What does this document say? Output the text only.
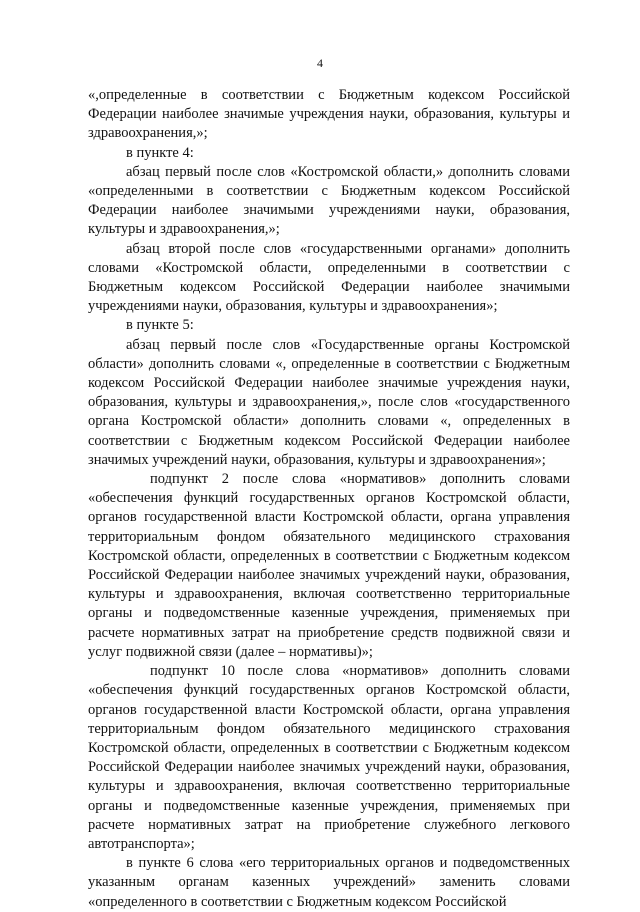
4

«,определенные в соответствии с Бюджетным кодексом Российской Федерации наиболее значимые учреждения науки, образования, культуры и здравоохранения,»;

в пункте 4:

абзац первый после слов «Костромской области,» дополнить словами «определенными в соответствии с Бюджетным кодексом Российской Федерации наиболее значимыми учреждениями науки, образования, культуры и здравоохранения,»;

абзац второй после слов «государственными органами» дополнить словами «Костромской области, определенными в соответствии с Бюджетным кодексом Российской Федерации наиболее значимыми учреждениями науки, образования, культуры и здравоохранения»;

в пункте 5:

абзац первый после слов «Государственные органы Костромской области» дополнить словами «, определенные в соответствии с Бюджетным кодексом Российской Федерации наиболее значимые учреждения науки, образования, культуры и здравоохранения,», после слов «государственного органа Костромской области» дополнить словами «, определенных в соответствии с Бюджетным кодексом Российской Федерации наиболее значимых учреждений науки, образования, культуры и здравоохранения»;

подпункт 2 после слова «нормативов» дополнить словами «обеспечения функций государственных органов Костромской области, органов государственной власти Костромской области, органа управления территориальным фондом обязательного медицинского страхования Костромской области, определенных в соответствии с Бюджетным кодексом Российской Федерации наиболее значимых учреждений науки, образования, культуры и здравоохранения, включая соответственно территориальные органы и подведомственные казенные учреждения, применяемых при расчете нормативных затрат на приобретение средств подвижной связи и услуг подвижной связи (далее – нормативы)»;

подпункт 10 после слова «нормативов» дополнить словами «обеспечения функций государственных органов Костромской области, органов государственной власти Костромской области, органа управления территориальным фондом обязательного медицинского страхования Костромской области, определенных в соответствии с Бюджетным кодексом Российской Федерации наиболее значимых учреждений науки, образования, культуры и здравоохранения, включая соответственно территориальные органы и подведомственные казенные учреждения, применяемых при расчете нормативных затрат на приобретение служебного легкового автотранспорта»;

в пункте 6 слова «его территориальных органов и подведомственных указанным органам казенных учреждений» заменить словами «определенного в соответствии с Бюджетным кодексом Российской
